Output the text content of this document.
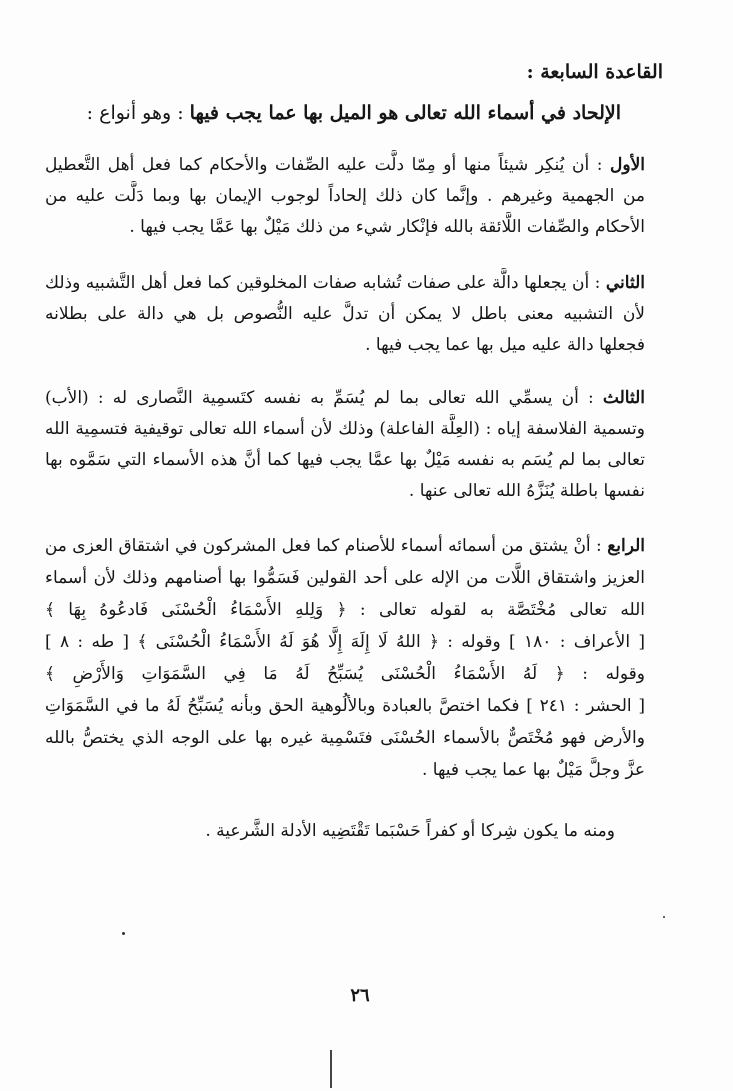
القاعدة السابعة :
الإلحاد في أسماء الله تعالى هو الميل بها عما يجب فيها : وهو أنواع :
الأول : أن يُنكِر شيئاً منها أو مِمّا دلَّت عليه الصِّفات والأحكام كما فعل أهل التَّعطيل
من الجهمية وغيرهم . وإنَّما كان ذلك إلحاداً لوجوب الإيمان بها وبما دَلَّت عليه من
الأحكام والصِّفات اللَّائقة بالله فإنْكار شيء من ذلك مَيْلٌ بها عَمَّا يجب فيها .
الثاني : أن يجعلها دالَّة على صفات تُشابه صفات المخلوقين كما فعل أهل التَّشبيه وذلك
لأن التشبيه معنى باطل لا يمكن أن تدلَّ عليه النُّصوص بل هي دالة على بطلانه
فجعلها دالة عليه ميل بها عما يجب فيها .
الثالث : أن يسمِّي الله تعالى بما لم يُسَمِّ به نفسه كتَسمِية النَّصارى له : (الأب)
وتسمية الفلاسفة إياه : (العِلَّة الفاعلة) وذلك لأن أسماء الله تعالى توقيفية فتسمِية الله
تعالى بما لم يُسَم به نفسه مَيْلٌ بها عمَّا يجب فيها كما أنَّ هذه الأسماء التي سَمَّوه بها
نفسها باطلة يُنَزَّهُ الله تعالى عنها .
الرابع : أنْ يشتق من أسمائه أسماء للأصنام كما فعل المشركون في اشتقاق العزى من
العزيز واشتقاق اللَّات من الإله على أحد القولين فَسَمُّوا بها أصنامهم وذلك لأن أسماء
الله تعالى مُخْتَصَّة به لقوله تعالى : ﴿ وَلِلهِ الأَسْمَاءُ الْحُسْنَى فَادعُوهُ بِهَا ﴾
[ الأعراف : ١٨٠ ] وقوله : ﴿ اللهُ لَا إِلَهَ إِلَّا هُوَ لَهُ الأَسْمَاءُ الْحُسْنَى ﴾ [ طه : ٨ ]
وقوله : ﴿ لَهُ الأَسْمَاءُ الْحُسْنَى يُسَبِّحُ لَهُ مَا فِي السَّمَوَاتِ وَالأَرْضِ ﴾
[ الحشر : ٢٤١ ] فكما اختصَّ بالعبادة وبالألُوهية الحق وبأنه يُسَبِّحُ لَهُ ما في السَّمَوَاتِ
والأرض فهو مُخْتَصٌّ بالأسماء الحُسْنَى فتَسْمِية غيره بها على الوجه الذي يختصُّ بالله
عزَّ وجلَّ مَيْلٌ بها عما يجب فيها .
ومنه ما يكون شِركا أو كفراً حَسْبَما تَقْتَضِيه الأدلة الشَّرعية .
٢٦
